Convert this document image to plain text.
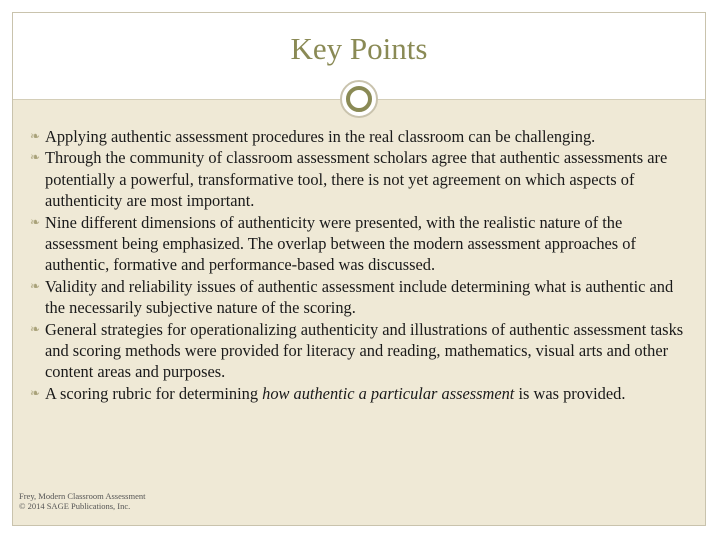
Key Points
❧ Applying authentic assessment procedures in the real classroom can be challenging.
❧ Through the community of classroom assessment scholars agree that authentic assessments are potentially a powerful, transformative tool, there is not yet agreement on which aspects of authenticity are most important.
❧ Nine different dimensions of authenticity were presented, with the realistic nature of the assessment being emphasized. The overlap between the modern assessment approaches of authentic, formative and performance-based was discussed.
❧ Validity and reliability issues of authentic assessment include determining what is authentic and the necessarily subjective nature of the scoring.
❧ General strategies for operationalizing authenticity and illustrations of authentic assessment tasks and scoring methods were provided for literacy and reading, mathematics, visual arts and other content areas and purposes.
❧ A scoring rubric for determining how authentic a particular assessment is was provided.
Frey, Modern Classroom Assessment
© 2014 SAGE Publications, Inc.
